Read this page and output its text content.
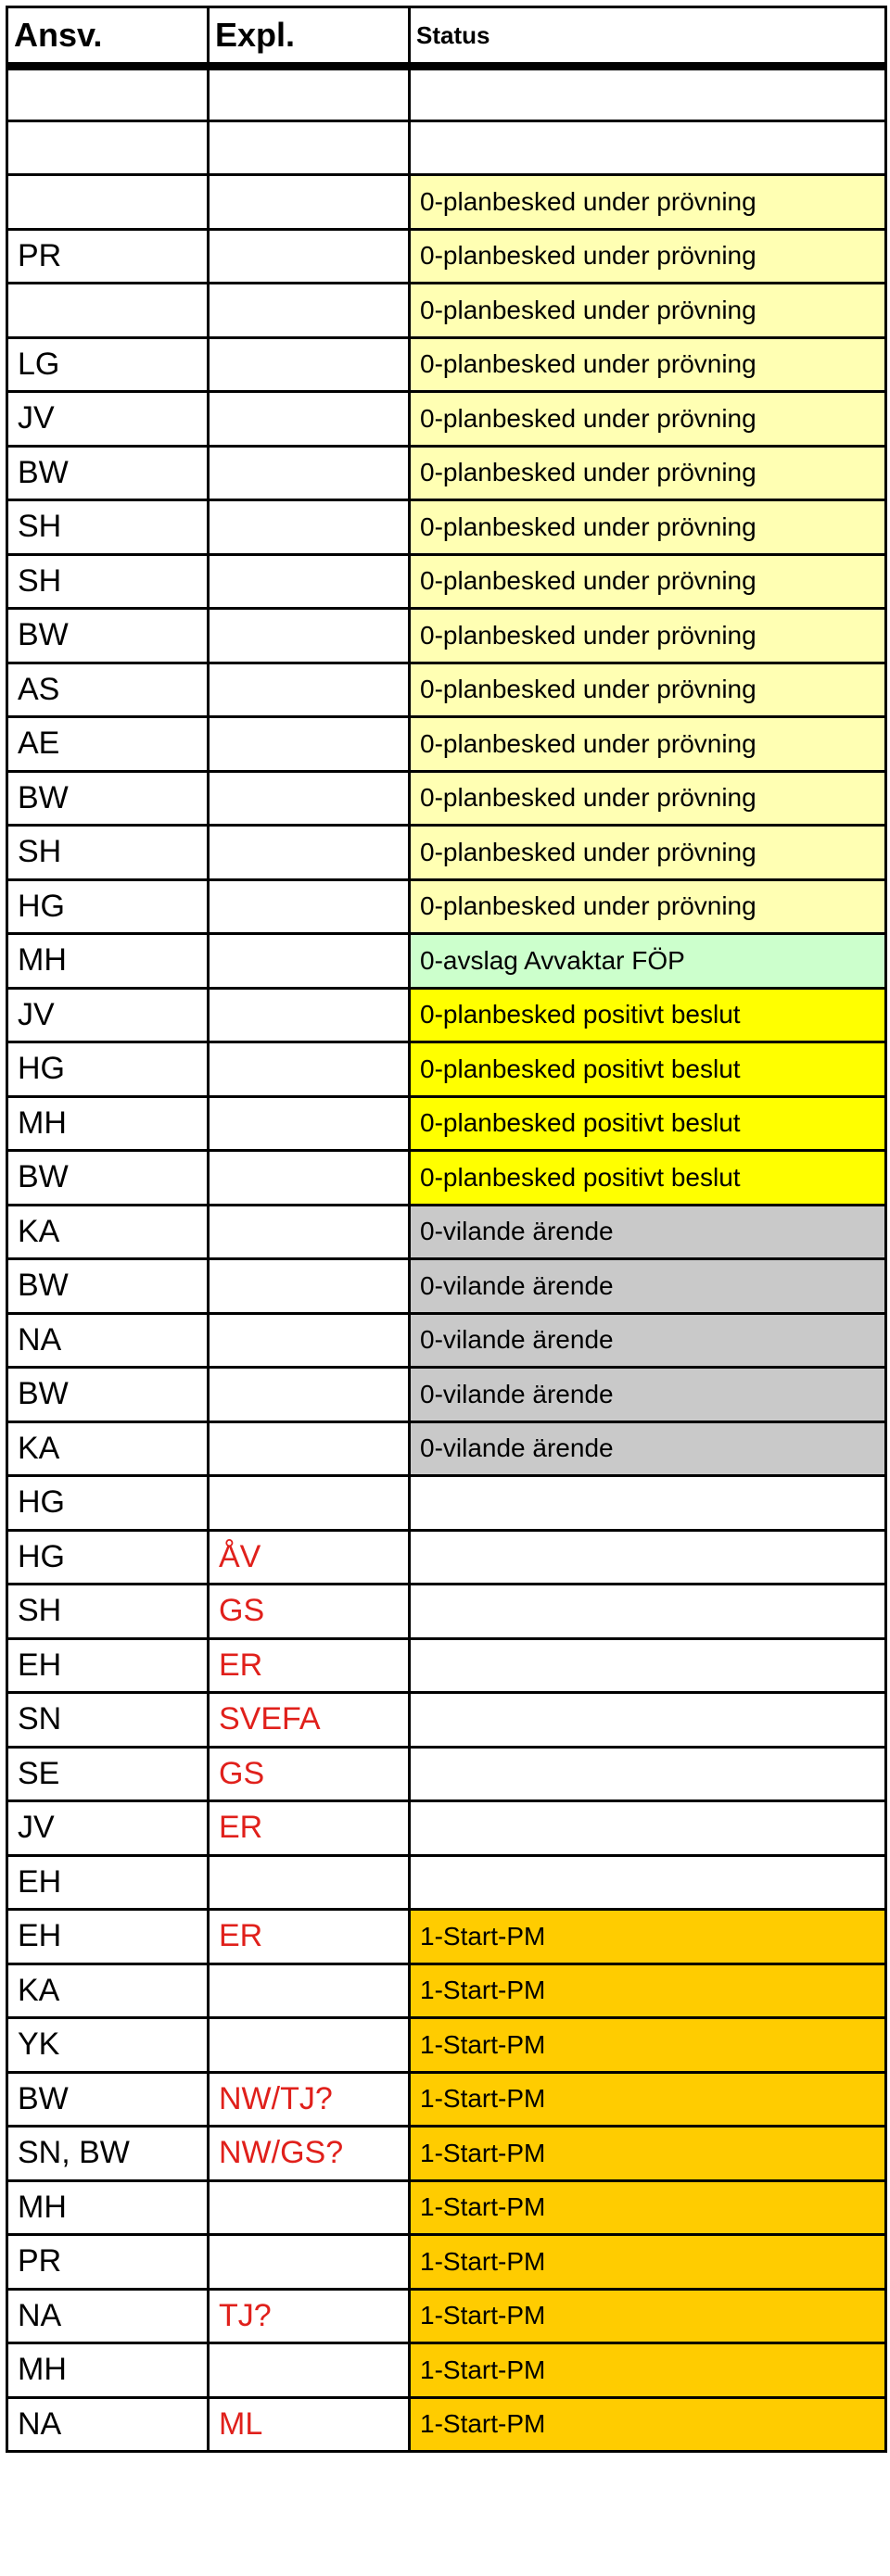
Ansv.	Expl.	Status

		0-planbesked under prövning
PR		0-planbesked under prövning
		0-planbesked under prövning
LG		0-planbesked under prövning
JV		0-planbesked under prövning
BW		0-planbesked under prövning
SH		0-planbesked under prövning
SH		0-planbesked under prövning
BW		0-planbesked under prövning
AS		0-planbesked under prövning
AE		0-planbesked under prövning
BW		0-planbesked under prövning
SH		0-planbesked under prövning
HG		0-planbesked under prövning
MH		0-avslag Avvaktar FÖP
JV		0-planbesked positivt beslut
HG		0-planbesked positivt beslut
MH		0-planbesked positivt beslut
BW		0-planbesked positivt beslut
KA		0-vilande ärende
BW		0-vilande ärende
NA		0-vilande ärende
BW		0-vilande ärende
KA		0-vilande ärende
HG		
HG	ÅV	
SH	GS	
EH	ER	
SN	SVEFA	
SE	GS	
JV	ER	
EH		
EH	ER	1-Start-PM
KA		1-Start-PM
YK		1-Start-PM
BW	NW/TJ?	1-Start-PM
SN, BW	NW/GS?	1-Start-PM
MH		1-Start-PM
PR		1-Start-PM
NA	TJ?	1-Start-PM
MH		1-Start-PM
NA	ML	1-Start-PM
